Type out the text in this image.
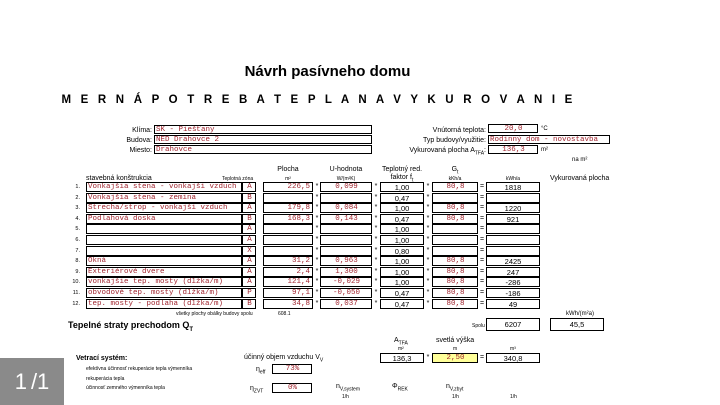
Návrh pasívneho domu
M E R N Á P O T R E B A T E P L A N A V Y K U R O V A N I E
Klíma: SK - Piešťany
Budova: NED Drahovce 2
Miesto: Drahovce
Vnútorná teplota:	20,0	°C
Typ budovy/využitie: Rodinný dom - novostavba
Vykurovaná plocha $A_{TFA}$:	136,3	m²
na m²
stavebná konštrukcia	Teplotná zóna
Plocha
m²
U-hodnota
W/(m²K)
Teplotný red.
faktor $f_t$
$G_t$
kKh/a	kWh/a	Vykurovaná plocha
1. Vonkajšia stena - vonkajší vzduch	A	226,5 *	0,099	*	1,00	*	80,8	=	1818
2. Vonkajšia stena - zemina	B	*	*	0,47	*	=
3. Strecha/strop - vonkajší vzduch	A	179,8 *	0,084	*	1,00	*	80,8	=	1220
4. Podlahová doska	B	168,3 *	0,143	*	0,47	*	80,8	=	921
5.	A	*	*	1,00	*	=
6.	A	*	*	1,00	*	=
7.	X	*	*	0,80	*	=
8. Okná	A	31,2 *	0,963	*	1,00	*	80,8	=	2425
9. Exteriérové dvere	A	2,4 *	1,300	*	1,00	*	80,8	=	247
10. vonkajšie tep. mosty (dĺžka/m)	A	121,4 *	-0,029	*	1,00	*	80,8	=	-286
11. obvodové tep. mosty (dĺžka/m)	P	97,1 *	-0,050	*	0,47	*	80,8	=	-186
12. tep. mosty - podlaha (dĺžka/m)	B	34,8 *	0,037	*	0,47	*	80,8	=	49
všetky plochy obálky budovy spolu	608.1	kWh/(m²a)
Tepelné straty prechodom $Q_T$
Spolu	6207	45,5
$A_{TFA}$	svetlá výška
m²	m	m³
Vetrací systém:	účinný objem vzduchu $V_V$	136,3	*	2,50	=	340,8
efektívna účinnosť rekuperácie tepla výmenníka	$\eta_{eff}$	73%
rekuperácia tepla
účinnosť zemného výmenníka tepla	$\eta_{ZVT}$	0%	$n_{V,system}$	$\Phi_{REK}$	$n_{V,zbyt}$
1/h	1/h	1/h
1 /1
